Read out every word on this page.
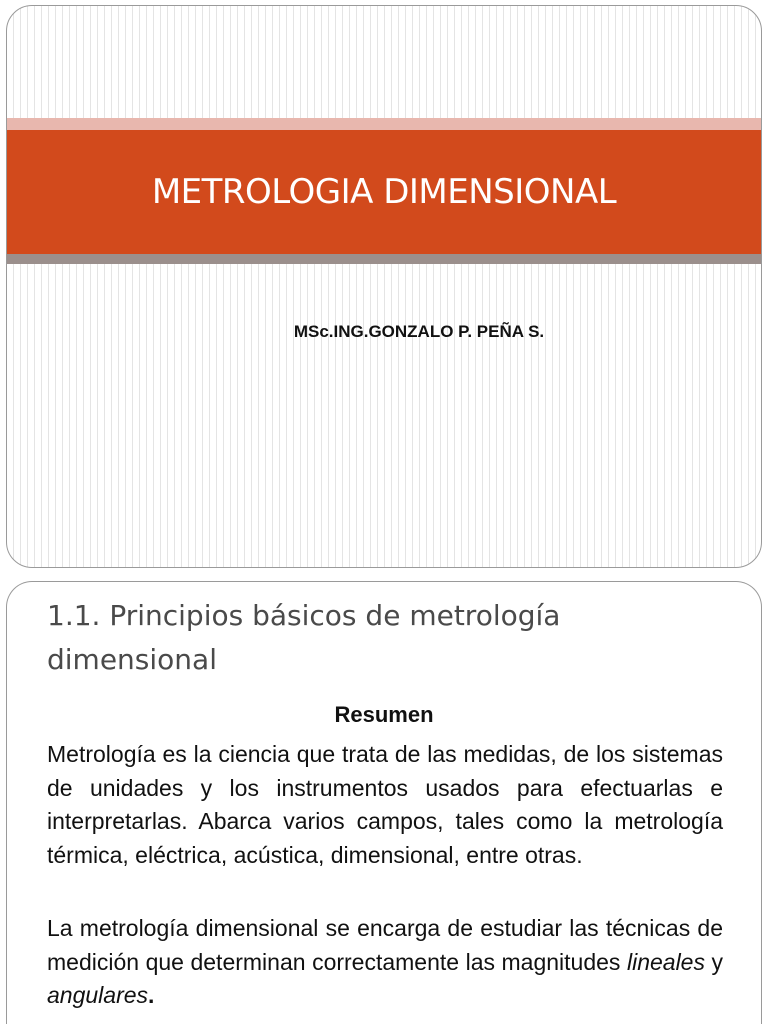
METROLOGIA DIMENSIONAL
MSc.ING.GONZALO P. PEÑA S.
1.1. Principios básicos de metrología dimensional
Resumen

Metrología es la ciencia que trata de las medidas, de los sistemas de unidades y los instrumentos usados para efectuarlas e interpretarlas. Abarca varios campos, tales como la metrología térmica, eléctrica, acústica, dimensional, entre otras.

La metrología dimensional se encarga de estudiar las técnicas de medición que determinan correctamente las magnitudes lineales y angulares.
